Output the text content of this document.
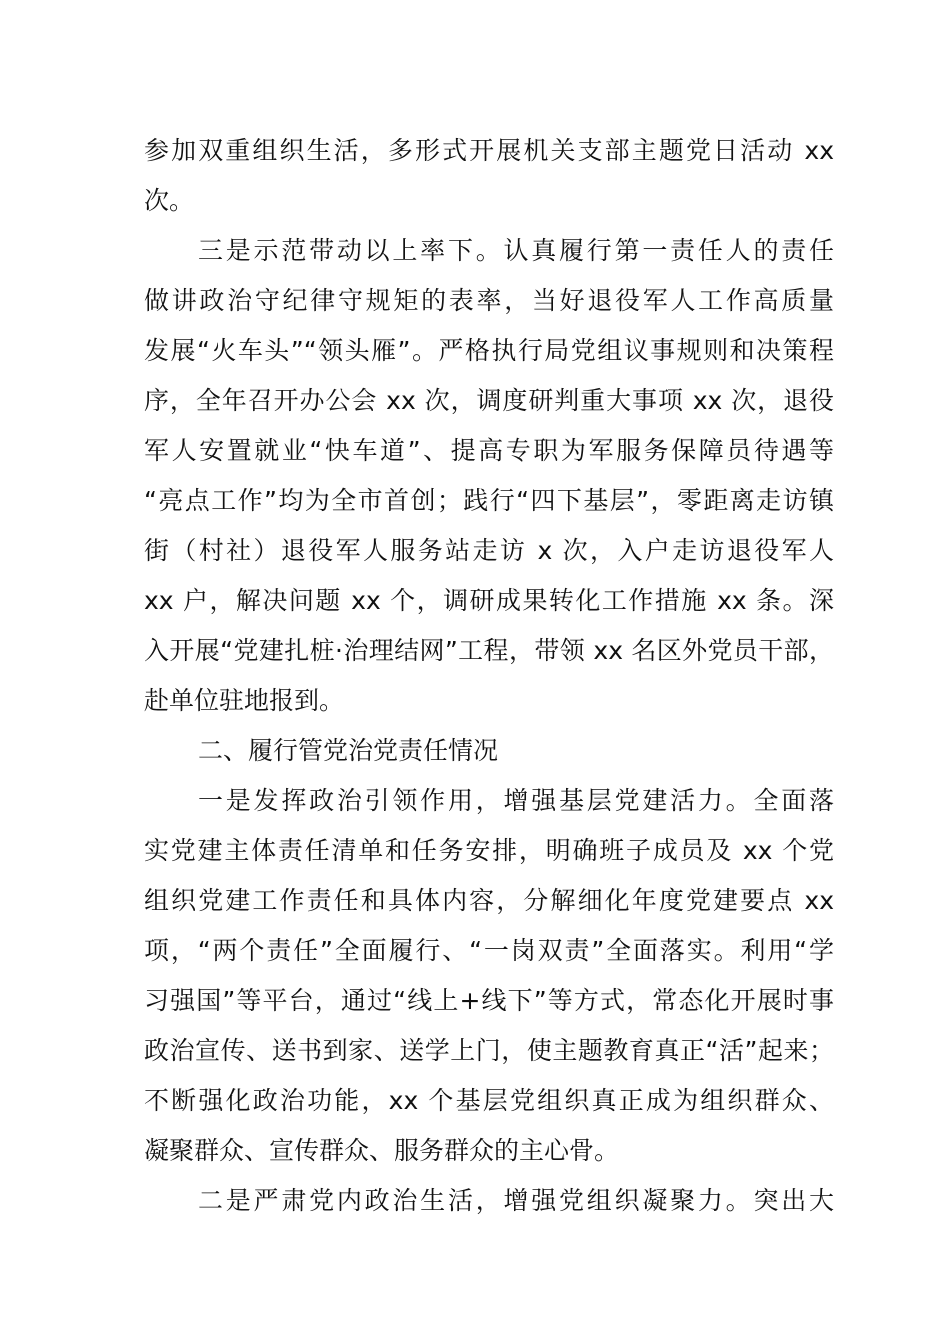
参加双重组织生活，多形式开展机关支部主题党日活动 xx
次。
三是示范带动以上率下。认真履行第一责任人的责任
做讲政治守纪律守规矩的表率，当好退役军人工作高质量
发展“火车头”“领头雁”。严格执行局党组议事规则和决策程
序，全年召开办公会 xx 次，调度研判重大事项 xx 次，退役
军人安置就业“快车道”、提高专职为军服务保障员待遇等
“亮点工作”均为全市首创；践行“四下基层”，零距离走访镇
街（村社）退役军人服务站走访 x 次，入户走访退役军人
xx 户，解决问题 xx 个，调研成果转化工作措施 xx 条。深
入开展“党建扎桩·治理结网”工程，带领 xx 名区外党员干部，
赴单位驻地报到。
二、履行管党治党责任情况
一是发挥政治引领作用，增强基层党建活力。全面落
实党建主体责任清单和任务安排，明确班子成员及 xx 个党
组织党建工作责任和具体内容，分解细化年度党建要点 xx
项，“两个责任”全面履行、“一岗双责”全面落实。利用“学
习强国”等平台，通过“线上+线下”等方式，常态化开展时事
政治宣传、送书到家、送学上门，使主题教育真正“活”起来；
不断强化政治功能，xx 个基层党组织真正成为组织群众、
凝聚群众、宣传群众、服务群众的主心骨。
二是严肃党内政治生活，增强党组织凝聚力。突出大
